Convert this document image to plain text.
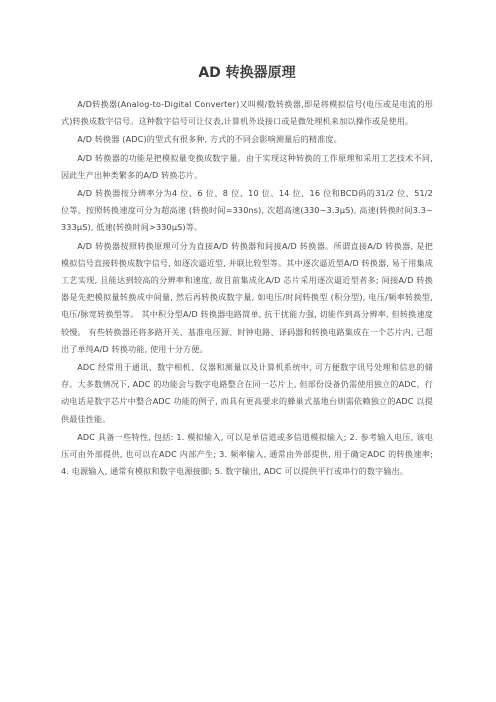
AD 转换器原理

A/D转换器(Analog-to-Digital Converter)又叫模/数转换器,即是将模拟信号(电压或是电流的形式)转换成数字信号。这种数字信号可让仪表,计算机外设接口或是微处理机来加以操作或是使用。

A/D 转换器 (ADC)的型式有很多种, 方式的不同会影响测量后的精准度。

A/D 转换器的功能是把模拟量变换成数字量。由于实现这种转换的工作原理和采用工艺技术不同, 因此生产出种类繁多的A/D 转换芯片。

A/D 转换器按分辨率分为4 位、6 位、8 位、10 位、14 位、16 位和BCD码的31/2 位、51/2 位等。按照转换速度可分为超高速 (转换时间=330ns), 次超高速(330~3.3μS), 高速(转换时间3.3~333μS), 低速(转换时间>330μS)等。

A/D 转换器按照转换原理可分为直接A/D 转换器和间接A/D 转换器。所谓直接A/D 转换器, 是把模拟信号直接转换成数字信号, 如逐次逼近型, 并联比较型等。其中逐次逼近型A/D 转换器, 易于用集成工艺实现, 且能达到较高的分辨率和速度, 故目前集成化A/D 芯片采用逐次逼近型者多; 间接A/D 转换器是先把模拟量转换成中间量, 然后再转换成数字量, 如电压/时间转换型 (积分型), 电压/频率转换型, 电压/脉宽转换型等。 其中积分型A/D 转换器电路简单, 抗干扰能力强, 切能作到高分辨率, 但转换速度较慢。 有些转换器还将多路开关、基准电压源、时钟电路、译码器和转换电路集成在一个芯片内, 已超出了单纯A/D 转换功能, 使用十分方便。

ADC 经常用于通讯、数字相机、仪器和测量以及计算机系统中, 可方便数字讯号处理和信息的储存。大多数情况下, ADC 的功能会与数字电路整合在同一芯片上, 但部份设备仍需使用独立的ADC。行动电话是数字芯片中整合ADC 功能的例子, 而具有更高要求的蜂巢式基地台则需依赖独立的ADC 以提供最佳性能。

ADC 具备一些特性, 包括: 1. 模拟输入, 可以是单信道或多信道模拟输入; 2. 参考输入电压, 该电压可由外部提供, 也可以在ADC 内部产生; 3. 频率输入, 通常由外部提供, 用于确定ADC 的转换速率; 4. 电源输入, 通常有模拟和数字电源接脚; 5. 数字输出, ADC 可以提供平行或串行的数字输出。
